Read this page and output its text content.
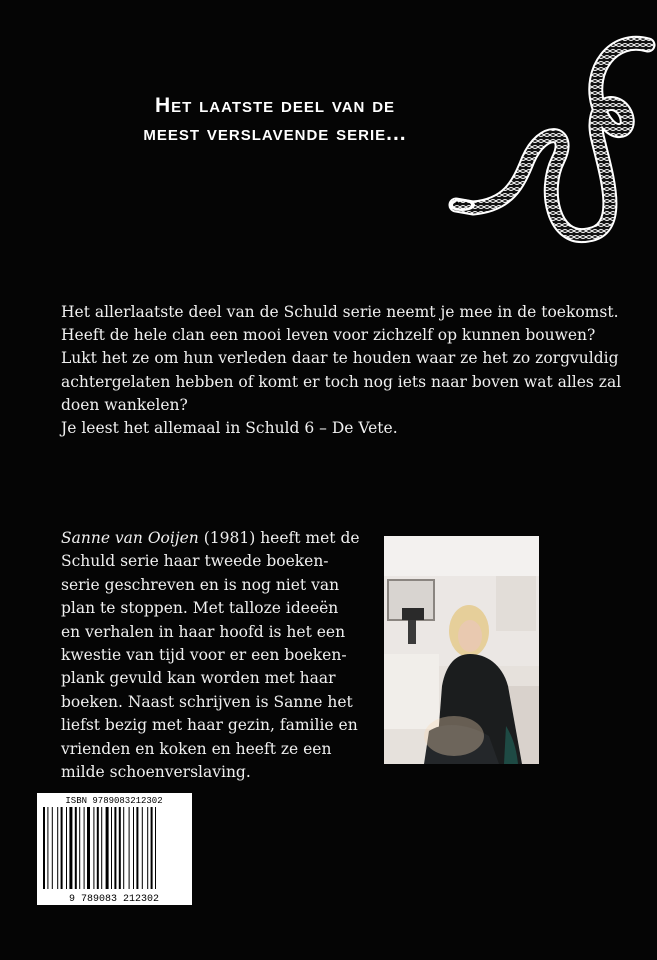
Het laatste deel van de
meest verslavende serie...

Het allerlaatste deel van de Schuld serie neemt je mee in de toekomst. Heeft de hele clan een mooi leven voor zichzelf op kunnen bouwen? Lukt het ze om hun verleden daar te houden waar ze het zo zorgvuldig achtergelaten hebben of komt er toch nog iets naar boven wat alles zal doen wankelen?

Je leest het allemaal in Schuld 6 – De Vete.

Sanne van Ooijen (1981) heeft met de Schuld serie haar tweede boeken-serie geschreven en is nog niet van plan te stoppen. Met talloze ideeën en verhalen in haar hoofd is het een kwestie van tijd voor er een boeken-plank gevuld kan worden met haar boeken. Naast schrijven is Sanne het liefst bezig met haar gezin, familie en vrienden en koken en heeft ze een milde schoenverslaving.
ISBN 9789083212302
9 789083 212302
